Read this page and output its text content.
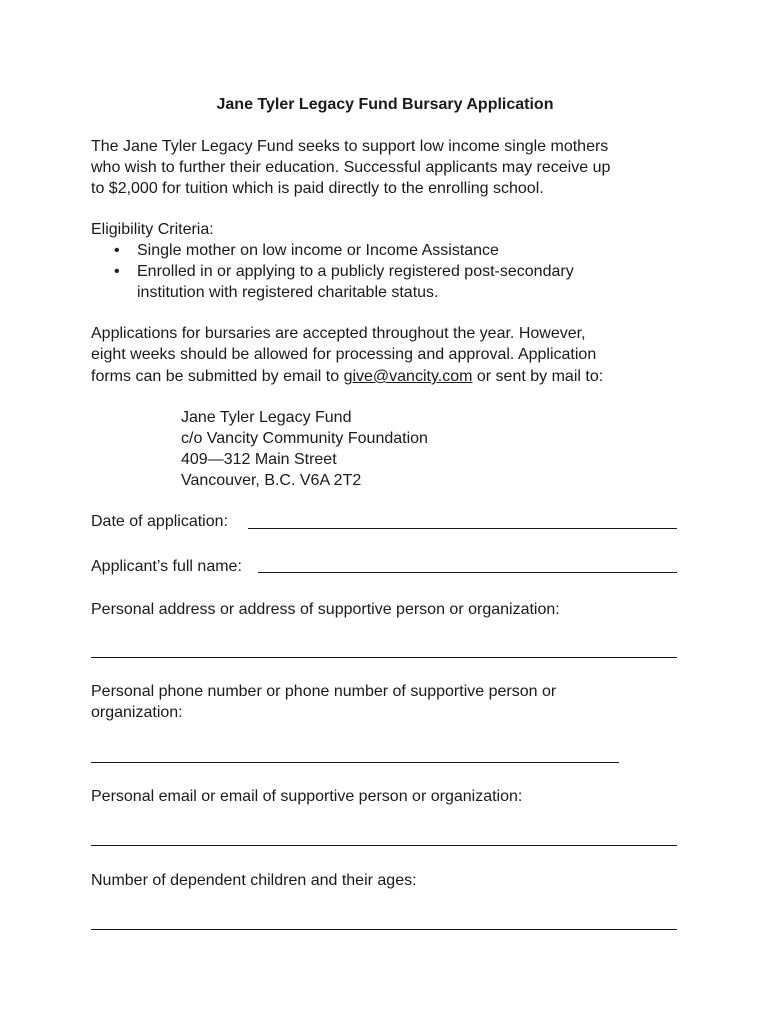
Jane Tyler Legacy Fund Bursary Application
The Jane Tyler Legacy Fund seeks to support low income single mothers
who wish to further their education. Successful applicants may receive up
to $2,000 for tuition which is paid directly to the enrolling school.
Eligibility Criteria:
• Single mother on low income or Income Assistance
• Enrolled in or applying to a publicly registered post-secondary
institution with registered charitable status.
Applications for bursaries are accepted throughout the year. However,
eight weeks should be allowed for processing and approval. Application
forms can be submitted by email to give@vancity.com or sent by mail to:
Jane Tyler Legacy Fund
c/o Vancity Community Foundation
409—312 Main Street
Vancouver, B.C. V6A 2T2
Date of application:
Applicant’s full name:
Personal address or address of supportive person or organization:
Personal phone number or phone number of supportive person or
organization:
Personal email or email of supportive person or organization:
Number of dependent children and their ages:
